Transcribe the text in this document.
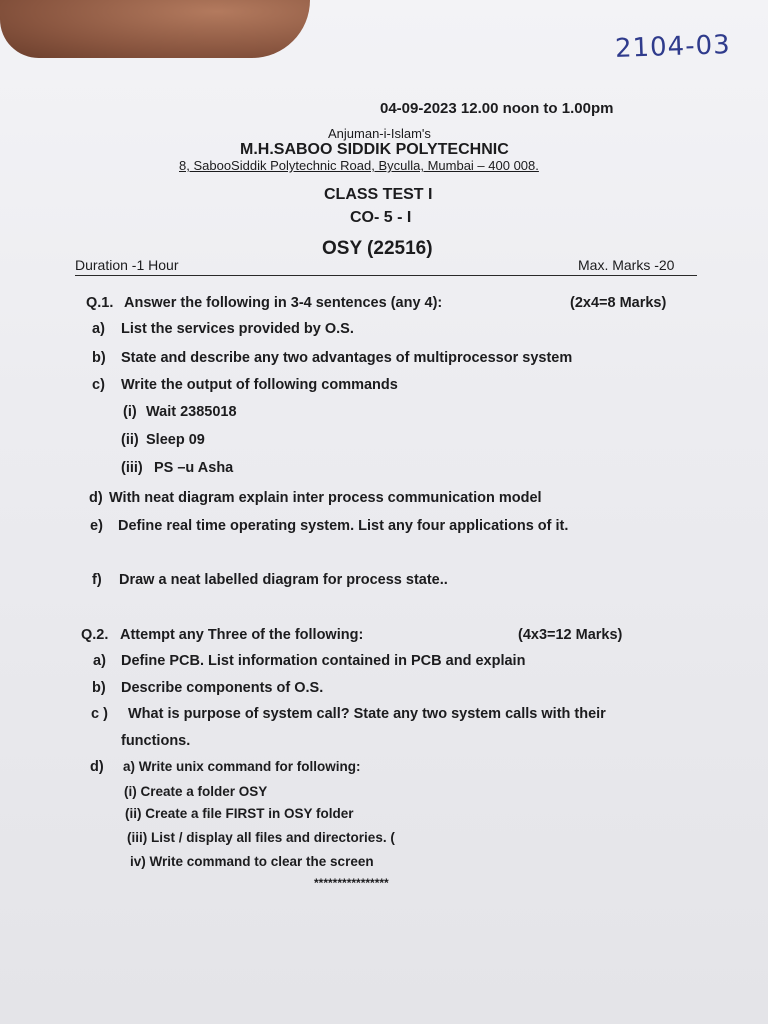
2104-03
04-09-2023 12.00 noon to 1.00pm
Anjuman-i-Islam's
M.H.SABOO SIDDIK POLYTECHNIC
8, SabooSiddik Polytechnic Road, Byculla, Mumbai – 400 008.
CLASS TEST I
CO- 5 - I
OSY (22516)
Duration -1 Hour	Max. Marks -20
Q.1. Answer the following in 3-4 sentences (any 4):	(2x4=8 Marks)
a) List the services provided by O.S.
b) State and describe any two advantages of multiprocessor system
c) Write the output of following commands
(i) Wait 2385018
(ii) Sleep 09
(iii) PS –u Asha
d) With neat diagram explain inter process communication model
e) Define real time operating system. List any four applications of it.
f) Draw a neat labelled diagram for process state..
Q.2. Attempt any Three of the following:	(4x3=12 Marks)
a) Define PCB. List information contained in PCB and explain
b) Describe components of O.S.
c ) What is purpose of system call? State any two system calls with their
functions.
d) a) Write unix command for following:
(i) Create a folder OSY
(ii) Create a file FIRST in OSY folder
(iii) List / display all files and directories. (
iv) Write command to clear the screen
****************
